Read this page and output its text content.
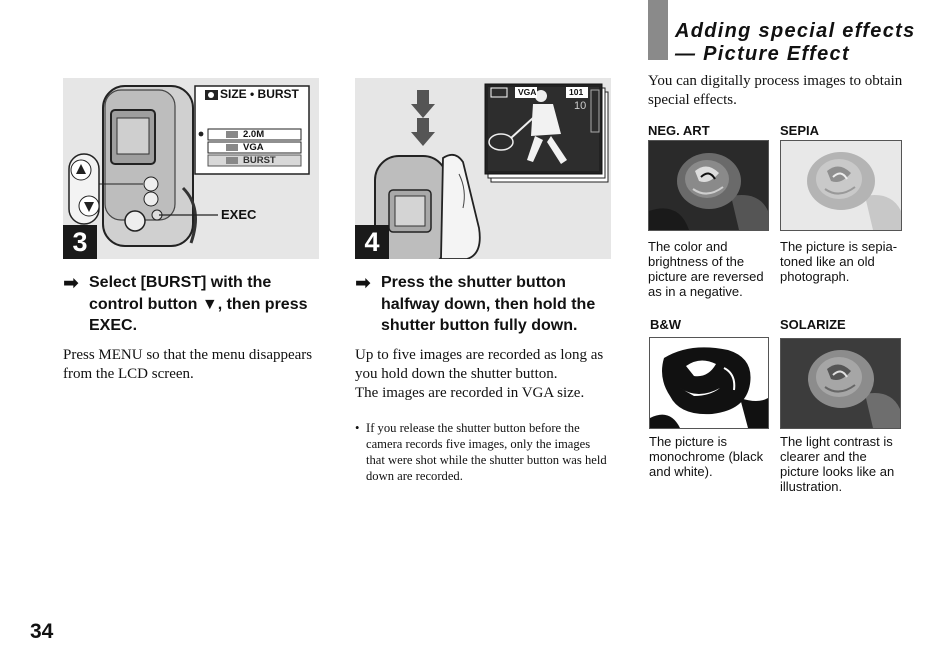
34
SIZE • BURST
2.0M
VGA
BURST
EXEC
3
VGA	101
10
4
➡ Select [BURST] with the
control button ▼, then press
EXEC.
Press MENU so that the menu disappears
from the LCD screen.
➡ Press the shutter button
halfway down, then hold the
shutter button fully down.
Up to five images are recorded as long as
you hold down the shutter button.
The images are recorded in VGA size.
• If you release the shutter button before the
camera records five images, only the images
that were shot while the shutter button was held
down are recorded.
Adding special effects
— Picture Effect
You can digitally process images to obtain special effects.
NEG. ART
The color and
brightness of the
picture are reversed
as in a negative.
SEPIA
The picture is sepia-
toned like an old
photograph.
B&W
The picture is
monochrome (black
and white).
SOLARIZE
The light contrast is
clearer and the
picture looks like an
illustration.
